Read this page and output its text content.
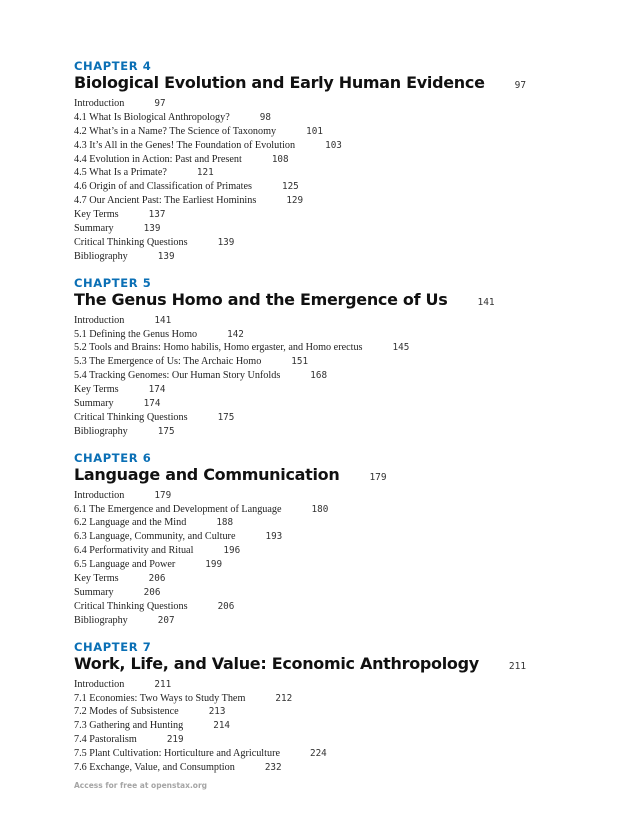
CHAPTER 4
Biological Evolution and Early Human Evidence	97
Introduction	97
4.1 What Is Biological Anthropology?	98
4.2 What’s in a Name? The Science of Taxonomy	101
4.3 It’s All in the Genes! The Foundation of Evolution	103
4.4 Evolution in Action: Past and Present	108
4.5 What Is a Primate?	121
4.6 Origin of and Classification of Primates	125
4.7 Our Ancient Past: The Earliest Hominins	129
Key Terms	137
Summary	139
Critical Thinking Questions	139
Bibliography	139
CHAPTER 5
The Genus Homo and the Emergence of Us	141
Introduction	141
5.1 Defining the Genus Homo	142
5.2 Tools and Brains: Homo habilis, Homo ergaster, and Homo erectus	145
5.3 The Emergence of Us: The Archaic Homo	151
5.4 Tracking Genomes: Our Human Story Unfolds	168
Key Terms	174
Summary	174
Critical Thinking Questions	175
Bibliography	175
CHAPTER 6
Language and Communication	179
Introduction	179
6.1 The Emergence and Development of Language	180
6.2 Language and the Mind	188
6.3 Language, Community, and Culture	193
6.4 Performativity and Ritual	196
6.5 Language and Power	199
Key Terms	206
Summary	206
Critical Thinking Questions	206
Bibliography	207
CHAPTER 7
Work, Life, and Value: Economic Anthropology	211
Introduction	211
7.1 Economies: Two Ways to Study Them	212
7.2 Modes of Subsistence	213
7.3 Gathering and Hunting	214
7.4 Pastoralism	219
7.5 Plant Cultivation: Horticulture and Agriculture	224
7.6 Exchange, Value, and Consumption	232
Access for free at openstax.org
